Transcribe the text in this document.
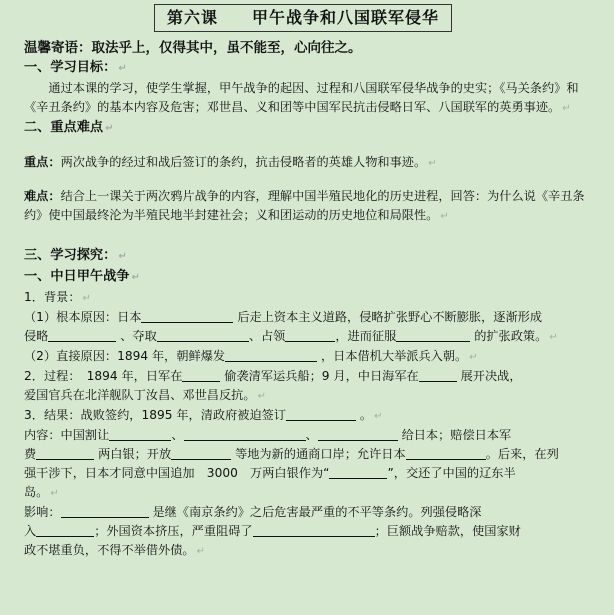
第六课　　甲午战争和八国联军侵华
温馨寄语：取法乎上，仅得其中，虽不能至，心向往之。
一、学习目标： ↵
通过本课的学习，使学生掌握，甲午战争的起因、过程和八国联军侵华战争的史实；《马关条约》和《辛丑条约》的基本内容及危害；邓世昌、义和团等中国军民抗击侵略日军、八国联军的英勇事迹。 ↵
二、重点难点 ↵
重点：两次战争的经过和战后签订的条约，抗击侵略者的英雄人物和事迹。 ↵
难点：结合上一课关于两次鸦片战争的内容，理解中国半殖民地化的历史进程，回答：为什么说《辛丑条约》使中国最终沦为半殖民地半封建社会；义和团运动的历史地位和局限性。 ↵
三、学习探究： ↵
一、中日甲午战争 ↵
1．背景： ↵
（1）根本原因：日本	后走上资本主义道路，侵略扩张野心不断膨胀，逐渐形成
侵略	、夺取	、占领	，进而征服	的扩张政策。 ↵
（2）直接原因：1894 年，朝鲜爆发	，日本借机大举派兵入朝。 ↵
2．过程：　1894 年，日军在	偷袭清军运兵船；9 月，中日海军在	展开决战，
爱国官兵在北洋舰队丁汝昌、邓世昌反抗。 ↵
3．结果：战败签约，1895 年，清政府被迫签订	。 ↵
内容：中国割让	、	、	给日本；赔偿日本军
费	两白银；开放	等地为新的通商口岸；允许日本	。后来，在列
强干涉下，日本才同意中国追加　3000　万两白银作为“	”，交还了中国的辽东半
岛。 ↵
影响：	是继《南京条约》之后危害最严重的不平等条约。列强侵略深
入	；外国资本挤压，严重阻碍了	；巨额战争赔款，使国家财
政不堪重负，不得不举借外债。 ↵
